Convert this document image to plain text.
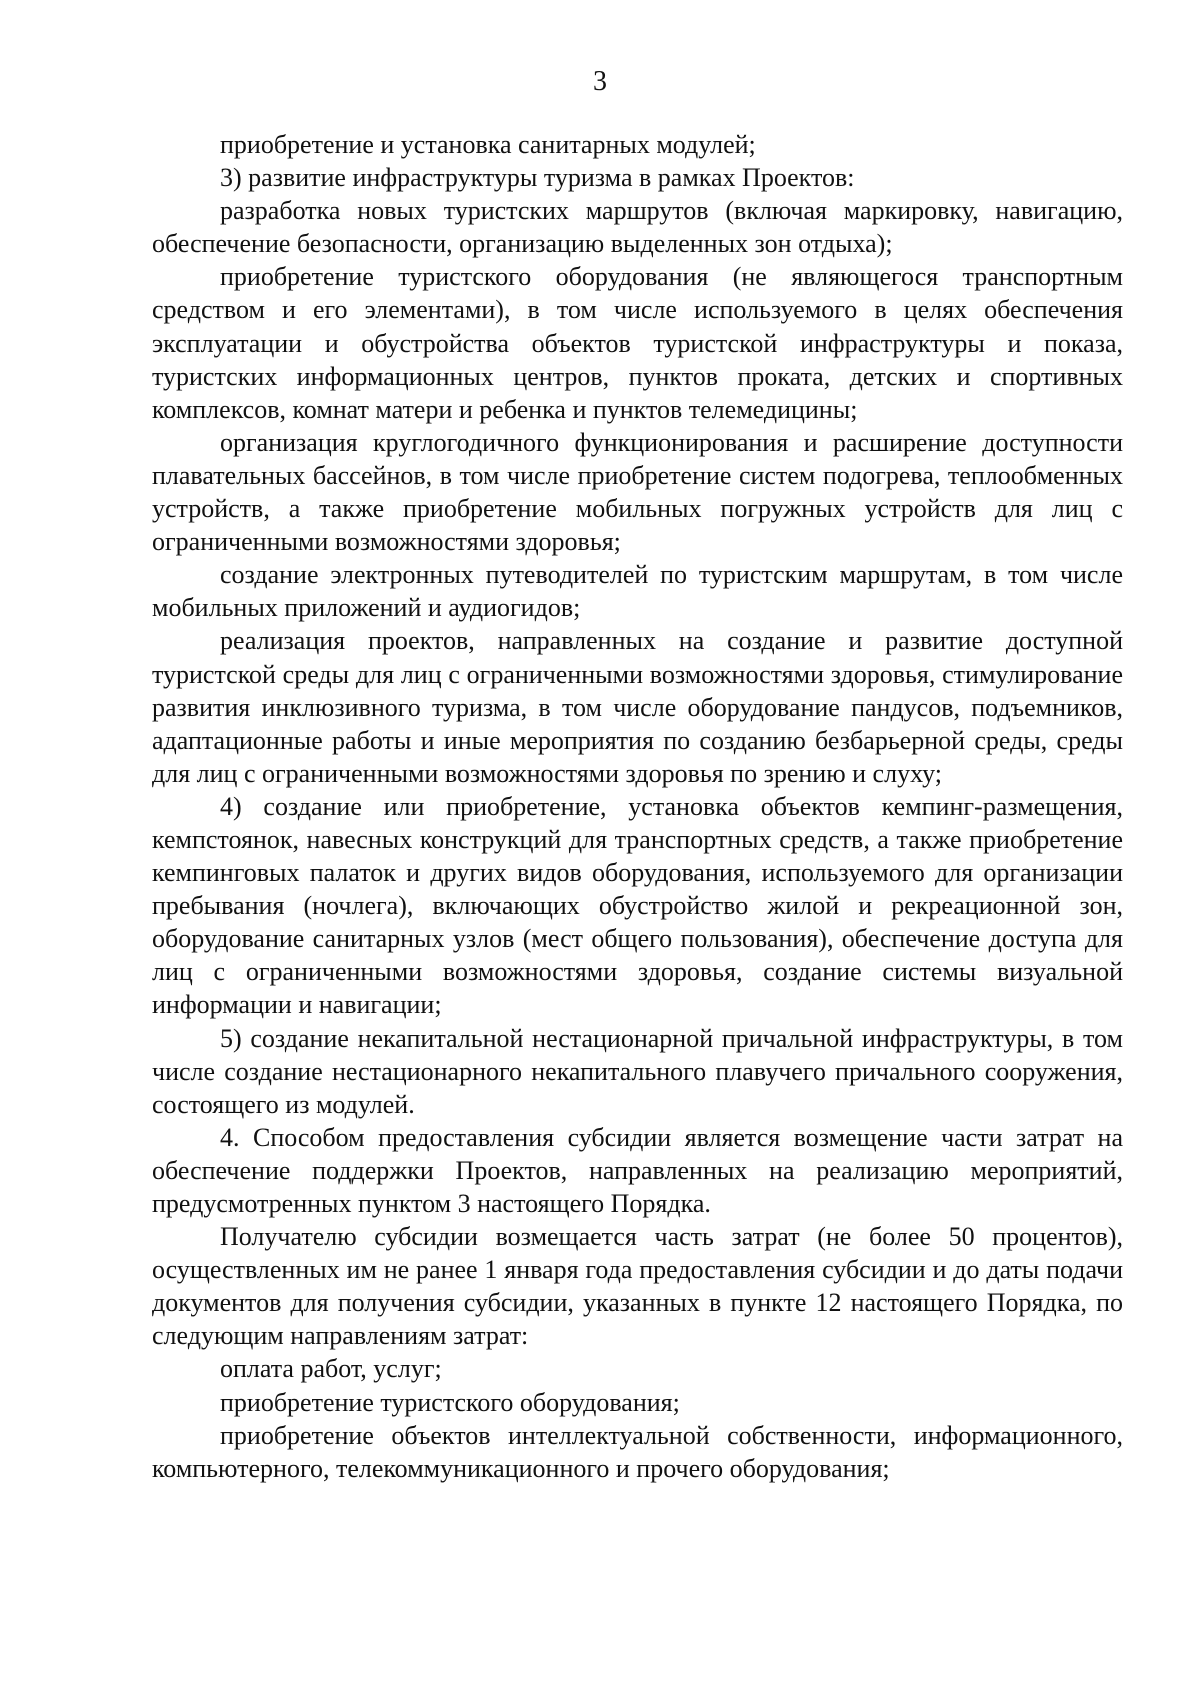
3

приобретение и установка санитарных модулей;

3) развитие инфраструктуры туризма в рамках Проектов:

разработка новых туристских маршрутов (включая маркировку, навигацию, обеспечение безопасности, организацию выделенных зон отдыха);

приобретение туристского оборудования (не являющегося транспортным средством и его элементами), в том числе используемого в целях обеспечения эксплуатации и обустройства объектов туристской инфраструктуры и показа, туристских информационных центров, пунктов проката, детских и спортивных комплексов, комнат матери и ребенка и пунктов телемедицины;

организация круглогодичного функционирования и расширение доступности плавательных бассейнов, в том числе приобретение систем подогрева, теплообменных устройств, а также приобретение мобильных погружных устройств для лиц с ограниченными возможностями здоровья;

создание электронных путеводителей по туристским маршрутам, в том числе мобильных приложений и аудиогидов;

реализация проектов, направленных на создание и развитие доступной туристской среды для лиц с ограниченными возможностями здоровья, стимулирование развития инклюзивного туризма, в том числе оборудование пандусов, подъемников, адаптационные работы и иные мероприятия по созданию безбарьерной среды, среды для лиц с ограниченными возможностями здоровья по зрению и слуху;

4) создание или приобретение, установка объектов кемпинг-размещения, кемпстоянок, навесных конструкций для транспортных средств, а также приобретение кемпинговых палаток и других видов оборудования, используемого для организации пребывания (ночлега), включающих обустройство жилой и рекреационной зон, оборудование санитарных узлов (мест общего пользования), обеспечение доступа для лиц с ограниченными возможностями здоровья, создание системы визуальной информации и навигации;

5) создание некапитальной нестационарной причальной инфраструктуры, в том числе создание нестационарного некапитального плавучего причального сооружения, состоящего из модулей.

4. Способом предоставления субсидии является возмещение части затрат на обеспечение поддержки Проектов, направленных на реализацию мероприятий, предусмотренных пунктом 3 настоящего Порядка.

Получателю субсидии возмещается часть затрат (не более 50 процентов), осуществленных им не ранее 1 января года предоставления субсидии и до даты подачи документов для получения субсидии, указанных в пункте 12 настоящего Порядка, по следующим направлениям затрат:

оплата работ, услуг;

приобретение туристского оборудования;

приобретение объектов интеллектуальной собственности, информационного, компьютерного, телекоммуникационного и прочего оборудования;
